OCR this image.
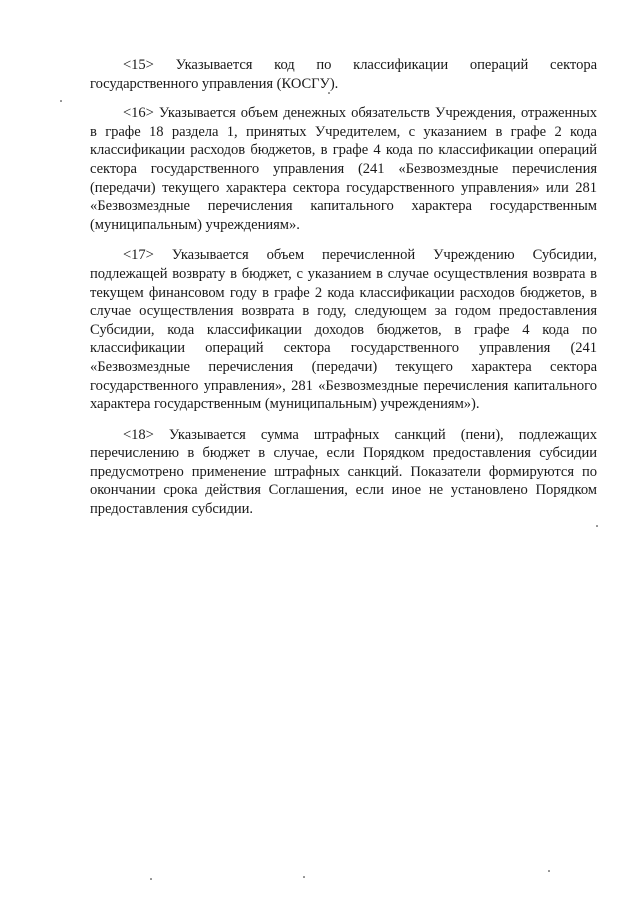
<15> Указывается код по классификации операций сектора государственного управления (КОСГУ).

<16> Указывается объем денежных обязательств Учреждения, отраженных в графе 18 раздела 1, принятых Учредителем, с указанием в графе 2 кода классификации расходов бюджетов, в графе 4 кода по классификации операций сектора государственного управления (241 «Безвозмездные перечисления (передачи) текущего характера сектора государственного управления» или 281 «Безвозмездные перечисления капитального характера государственным (муниципальным) учреждениям».

<17> Указывается объем перечисленной Учреждению Субсидии, подлежащей возврату в бюджет, с указанием в случае осуществления возврата в текущем финансовом году в графе 2 кода классификации расходов бюджетов, в случае осуществления возврата в году, следующем за годом предоставления Субсидии, кода классификации доходов бюджетов, в графе 4 кода по классификации операций сектора государственного управления (241 «Безвозмездные перечисления (передачи) текущего характера сектора государственного управления», 281 «Безвозмездные перечисления капитального характера государственным (муниципальным) учреждениям»).

<18> Указывается сумма штрафных санкций (пени), подлежащих перечислению в бюджет в случае, если Порядком предоставления субсидии предусмотрено применение штрафных санкций. Показатели формируются по окончании срока действия Соглашения, если иное не установлено Порядком предоставления субсидии.
